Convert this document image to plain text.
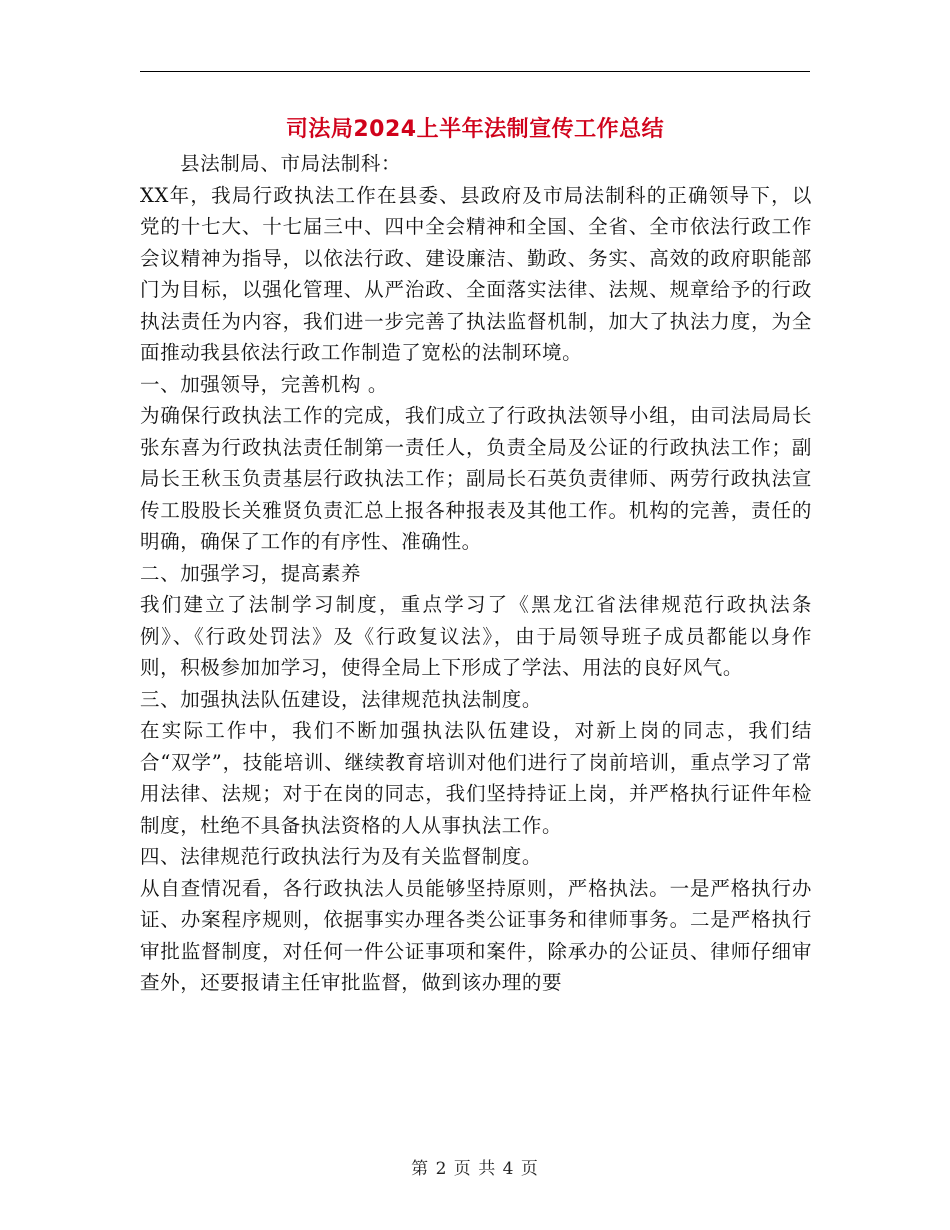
司法局2024上半年法制宣传工作总结

县法制局、市局法制科：

XX年，我局行政执法工作在县委、县政府及市局法制科的正确领导下，以党的十七大、十七届三中、四中全会精神和全国、全省、全市依法行政工作会议精神为指导，以依法行政、建设廉洁、勤政、务实、高效的政府职能部门为目标，以强化管理、从严治政、全面落实法律、法规、规章给予的行政执法责任为内容，我们进一步完善了执法监督机制，加大了执法力度，为全面推动我县依法行政工作制造了宽松的法制环境。

一、加强领导，完善机构 。

为确保行政执法工作的完成，我们成立了行政执法领导小组，由司法局局长张东喜为行政执法责任制第一责任人，负责全局及公证的行政执法工作；副局长王秋玉负责基层行政执法工作；副局长石英负责律师、两劳行政执法宣传工股股长关雅贤负责汇总上报各种报表及其他工作。机构的完善，责任的明确，确保了工作的有序性、准确性。

二、加强学习，提高素养

我们建立了法制学习制度，重点学习了《黑龙江省法律规范行政执法条例》、《行政处罚法》及《行政复议法》，由于局领导班子成员都能以身作则，积极参加加学习，使得全局上下形成了学法、用法的良好风气。

三、加强执法队伍建设，法律规范执法制度。

在实际工作中，我们不断加强执法队伍建设，对新上岗的同志，我们结合“双学”，技能培训、继续教育培训对他们进行了岗前培训，重点学习了常用法律、法规；对于在岗的同志，我们坚持持证上岗，并严格执行证件年检制度，杜绝不具备执法资格的人从事执法工作。

四、法律规范行政执法行为及有关监督制度。

从自查情况看，各行政执法人员能够坚持原则，严格执法。一是严格执行办证、办案程序规则，依据事实办理各类公证事务和律师事务。二是严格执行审批监督制度，对任何一件公证事项和案件，除承办的公证员、律师仔细审查外，还要报请主任审批监督，做到该办理的要

第 2 页 共 4 页
